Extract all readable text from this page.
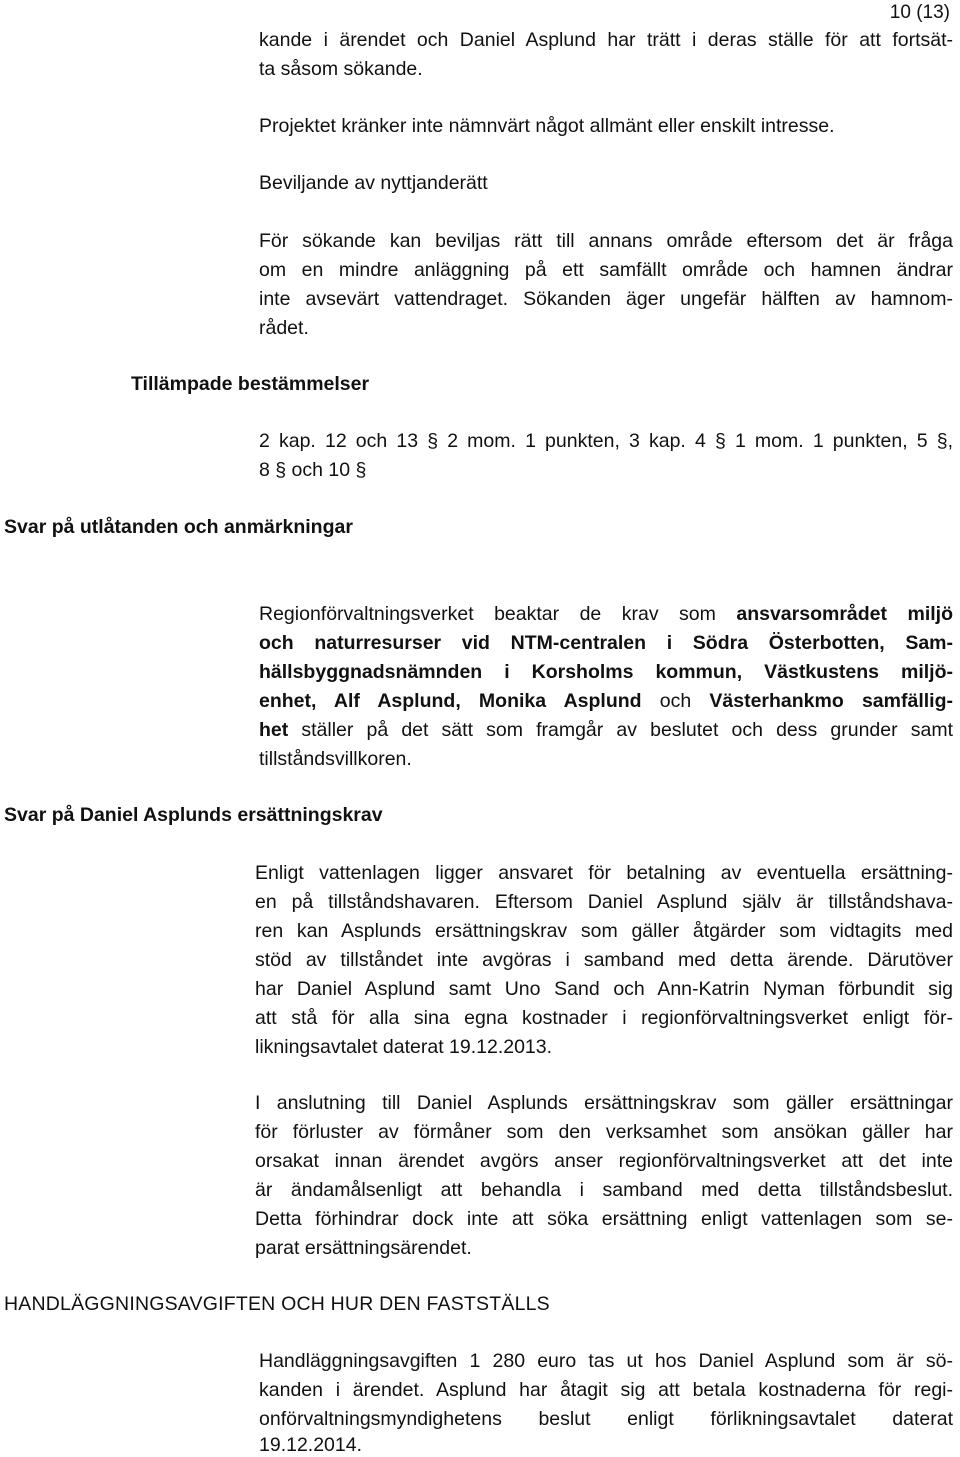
10 (13)
kande i ärendet och Daniel Asplund har trätt i deras ställe för att fortsät-
ta såsom sökande.
Projektet kränker inte nämnvärt något allmänt eller enskilt intresse.
Beviljande av nyttjanderätt
För sökande kan beviljas rätt till annans område eftersom det är fråga
om en mindre anläggning på ett samfällt område och hamnen ändrar
inte avsevärt vattendraget. Sökanden äger ungefär hälften av hamnom-
rådet.
Tillämpade bestämmelser
2 kap. 12 och 13 § 2 mom. 1 punkten, 3 kap. 4 § 1 mom. 1 punkten, 5 §,
8 § och 10 §
Svar på utlåtanden och anmärkningar
Regionförvaltningsverket beaktar de krav som ansvarsområdet miljö
och naturresurser vid NTM-centralen i Södra Österbotten, Sam-
hällsbyggnadsnämnden i Korsholms kommun, Västkustens miljö-
enhet, Alf Asplund, Monika Asplund och Västerhankmo samfällig-
het ställer på det sätt som framgår av beslutet och dess grunder samt
tillståndsvillkoren.
Svar på Daniel Asplunds ersättningskrav
Enligt vattenlagen ligger ansvaret för betalning av eventuella ersättning-
en på tillståndshavaren. Eftersom Daniel Asplund själv är tillståndshava-
ren kan Asplunds ersättningskrav som gäller åtgärder som vidtagits med
stöd av tillståndet inte avgöras i samband med detta ärende. Därutöver
har Daniel Asplund samt Uno Sand och Ann-Katrin Nyman förbundit sig
att stå för alla sina egna kostnader i regionförvaltningsverket enligt för-
likningsavtalet daterat 19.12.2013.
I anslutning till Daniel Asplunds ersättningskrav som gäller ersättningar
för förluster av förmåner som den verksamhet som ansökan gäller har
orsakat innan ärendet avgörs anser regionförvaltningsverket att det inte
är ändamålsenligt att behandla i samband med detta tillståndsbeslut.
Detta förhindrar dock inte att söka ersättning enligt vattenlagen som se-
parat ersättningsärendet.
HANDLÄGGNINGSAVGIFTEN OCH HUR DEN FASTSTÄLLS
Handläggningsavgiften 1 280 euro tas ut hos Daniel Asplund som är sö-
kanden i ärendet. Asplund har åtagit sig att betala kostnaderna för regi-
onförvaltningsmyndighetens beslut enligt förlikningsavtalet daterat
19.12.2014.
